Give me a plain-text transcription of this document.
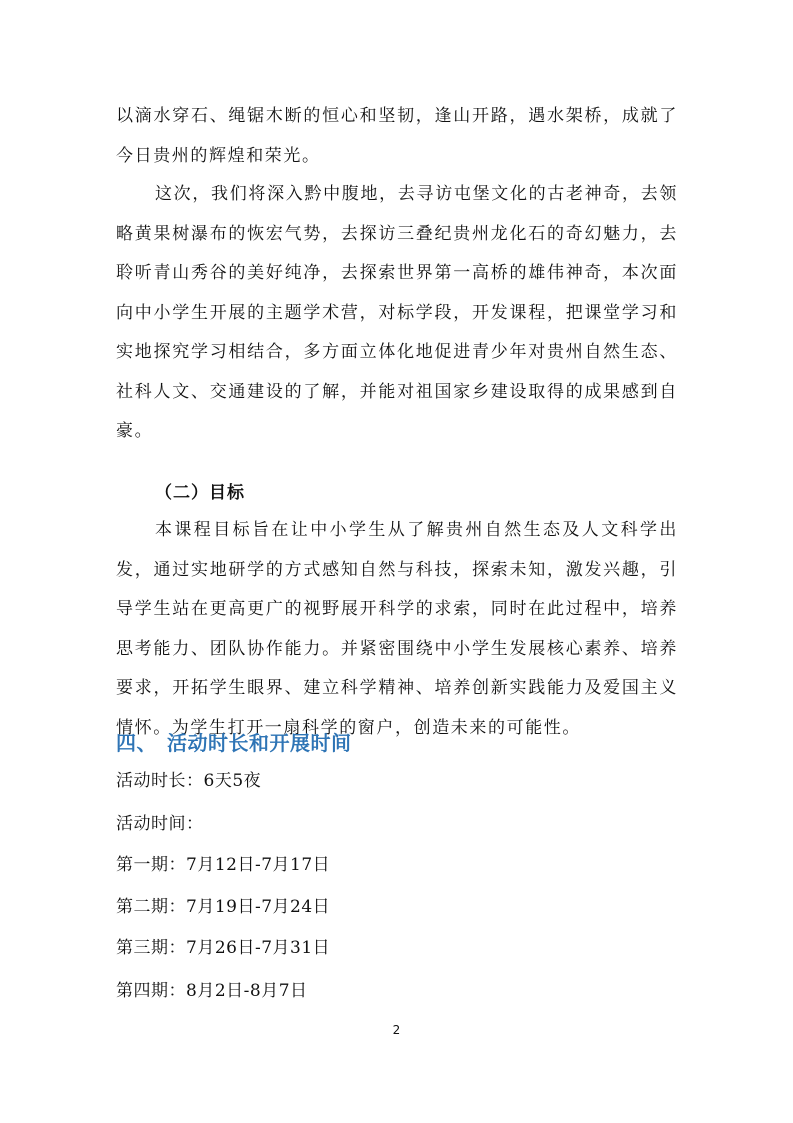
以滴水穿石、绳锯木断的恒心和坚韧，逢山开路，遇水架桥，成就了今日贵州的辉煌和荣光。

这次，我们将深入黔中腹地，去寻访屯堡文化的古老神奇，去领略黄果树瀑布的恢宏气势，去探访三叠纪贵州龙化石的奇幻魅力，去聆听青山秀谷的美好纯净，去探索世界第一高桥的雄伟神奇，本次面向中小学生开展的主题学术营，对标学段，开发课程，把课堂学习和实地探究学习相结合，多方面立体化地促进青少年对贵州自然生态、社科人文、交通建设的了解，并能对祖国家乡建设取得的成果感到自豪。

（二）目标

本课程目标旨在让中小学生从了解贵州自然生态及人文科学出发，通过实地研学的方式感知自然与科技，探索未知，激发兴趣，引导学生站在更高更广的视野展开科学的求索，同时在此过程中，培养思考能力、团队协作能力。并紧密围绕中小学生发展核心素养、培养要求，开拓学生眼界、建立科学精神、培养创新实践能力及爱国主义情怀。为学生打开一扇科学的窗户，创造未来的可能性。

四、 活动时长和开展时间

活动时长：6天5夜

活动时间：

第一期：7月12日-7月17日

第二期：7月19日-7月24日

第三期：7月26日-7月31日

第四期：8月2日-8月7日

2
